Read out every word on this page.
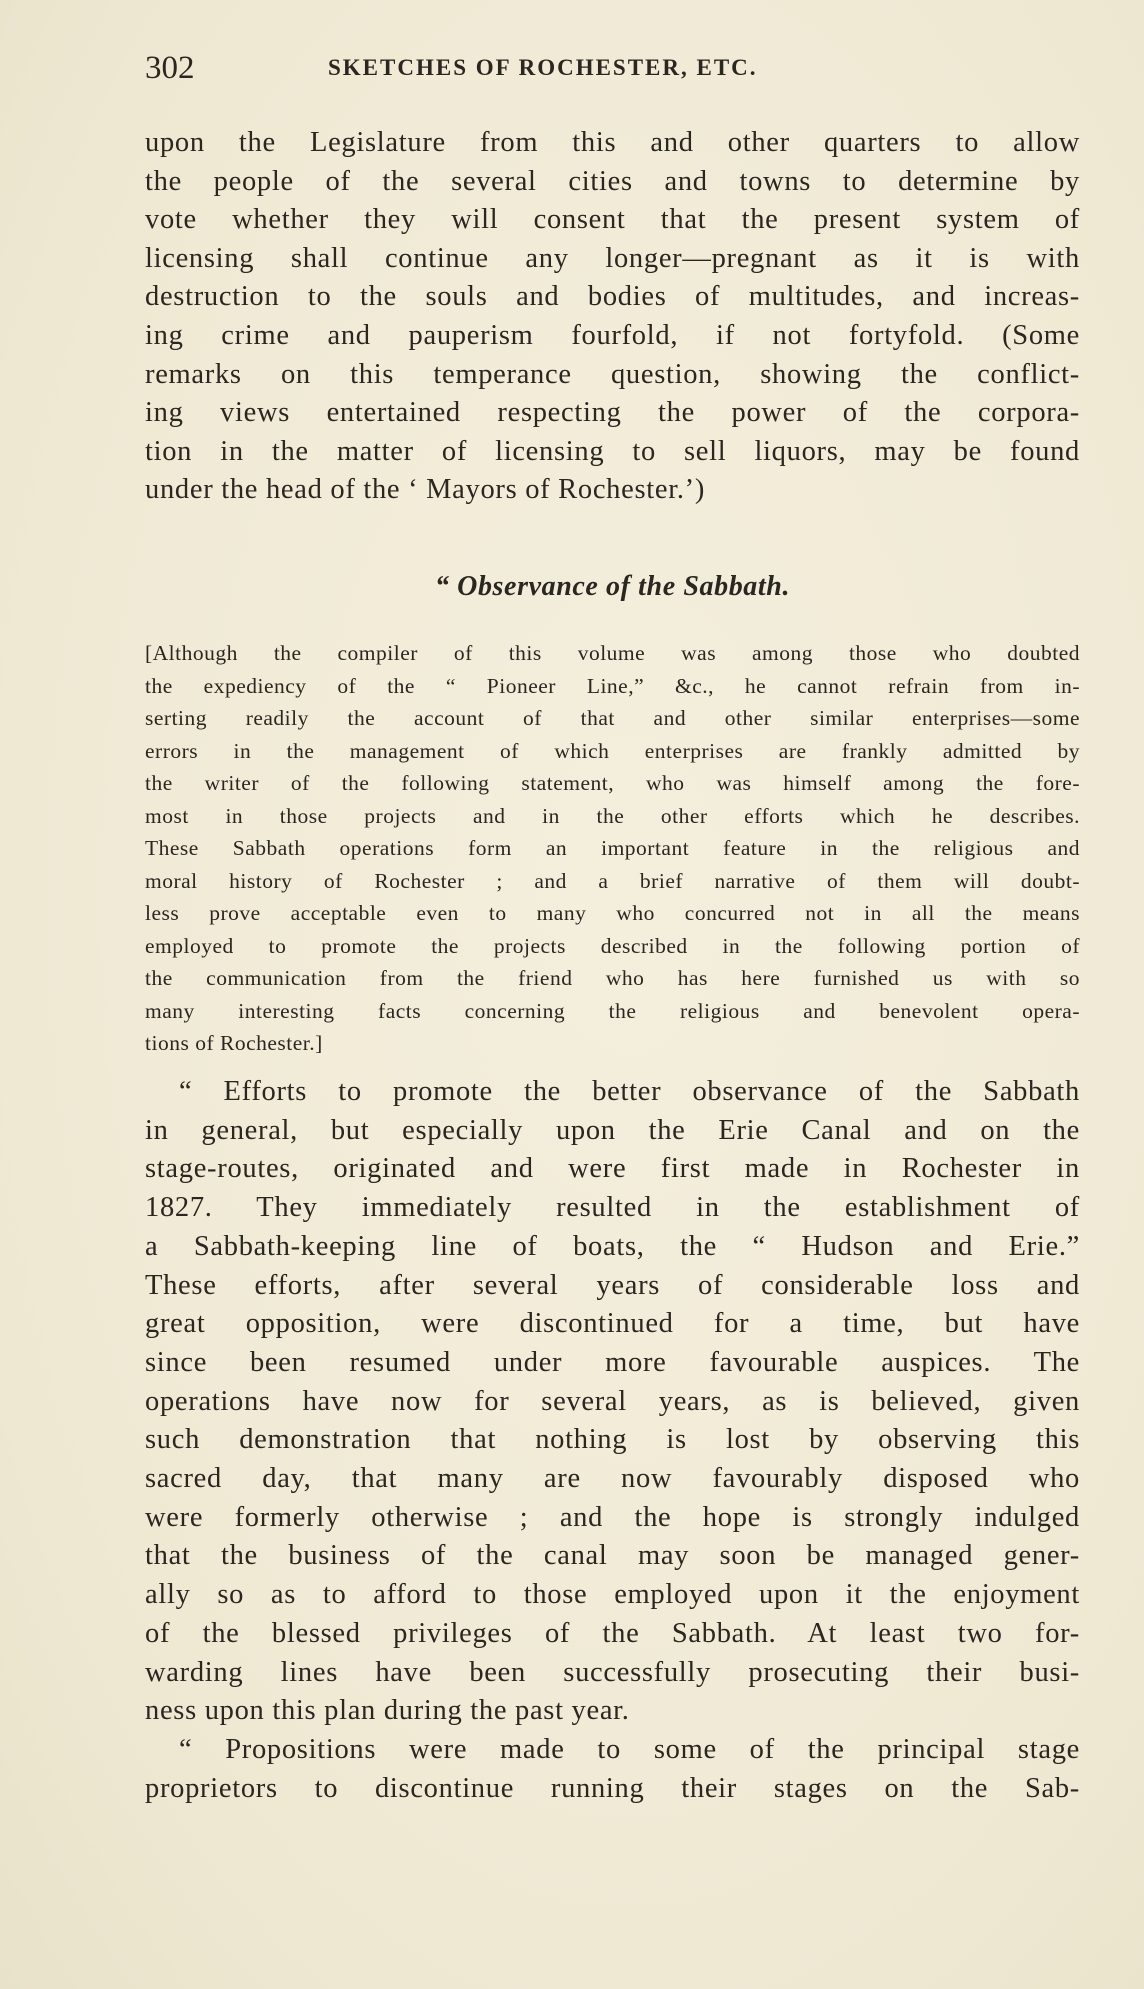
302	SKETCHES OF ROCHESTER, ETC.
upon the Legislature from this and other quarters to allow
the people of the several cities and towns to determine by
vote whether they will consent that the present system of
licensing shall continue any longer—pregnant as it is with
destruction to the souls and bodies of multitudes, and increas-
ing crime and pauperism fourfold, if not fortyfold. (Some
remarks on this temperance question, showing the conflict-
ing views entertained respecting the power of the corpora-
tion in the matter of licensing to sell liquors, may be found
under the head of the ‘ Mayors of Rochester.’)
“ Observance of the Sabbath.
[Although the compiler of this volume was among those who doubted
the expediency of the “ Pioneer Line,” &c., he cannot refrain from in-
serting readily the account of that and other similar enterprises—some
errors in the management of which enterprises are frankly admitted by
the writer of the following statement, who was himself among the fore-
most in those projects and in the other efforts which he describes.
These Sabbath operations form an important feature in the religious and
moral history of Rochester ; and a brief narrative of them will doubt-
less prove acceptable even to many who concurred not in all the means
employed to promote the projects described in the following portion of
the communication from the friend who has here furnished us with so
many interesting facts concerning the religious and benevolent opera-
tions of Rochester.]
“ Efforts to promote the better observance of the Sabbath
in general, but especially upon the Erie Canal and on the
stage-routes, originated and were first made in Rochester in
1827. They immediately resulted in the establishment of
a Sabbath-keeping line of boats, the “ Hudson and Erie.”
These efforts, after several years of considerable loss and
great opposition, were discontinued for a time, but have
since been resumed under more favourable auspices. The
operations have now for several years, as is believed, given
such demonstration that nothing is lost by observing this
sacred day, that many are now favourably disposed who
were formerly otherwise ; and the hope is strongly indulged
that the business of the canal may soon be managed gener-
ally so as to afford to those employed upon it the enjoyment
of the blessed privileges of the Sabbath. At least two for-
warding lines have been successfully prosecuting their busi-
ness upon this plan during the past year.
“ Propositions were made to some of the principal stage
proprietors to discontinue running their stages on the Sab-
